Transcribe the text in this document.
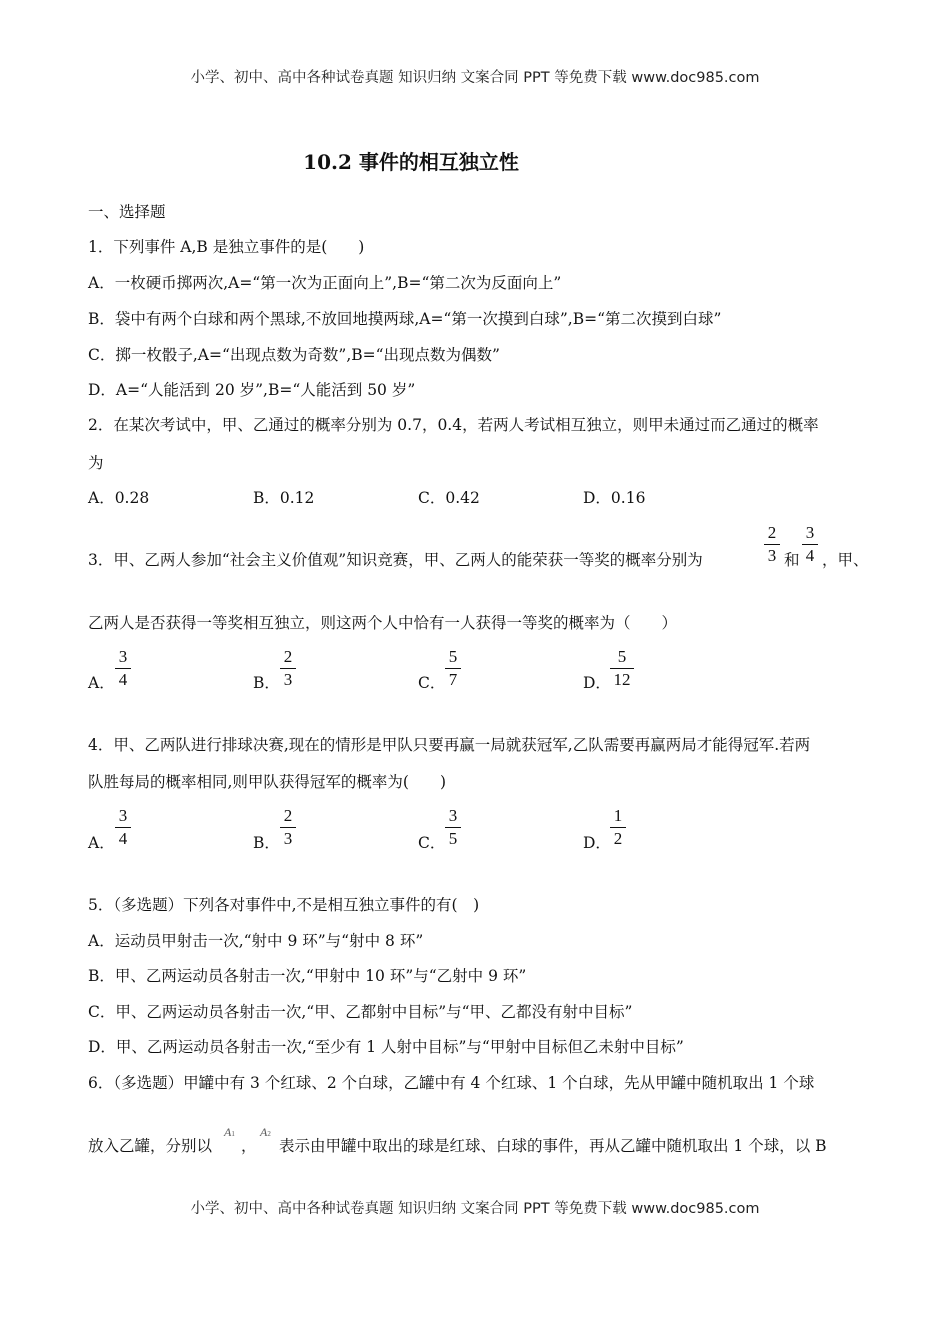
小学、初中、高中各种试卷真题 知识归纳 文案合同 PPT 等免费下载 www.doc985.com
10.2 事件的相互独立性
一、选择题
1．下列事件 A,B 是独立事件的是(　　)
A．一枚硬币掷两次,A=“第一次为正面向上”,B=“第二次为反面向上”
B．袋中有两个白球和两个黑球,不放回地摸两球,A=“第一次摸到白球”,B=“第二次摸到白球”
C．掷一枚骰子,A=“出现点数为奇数”,B=“出现点数为偶数”
D．A=“人能活到 20 岁”,B=“人能活到 50 岁”
2．在某次考试中，甲、乙通过的概率分别为 0.7，0.4，若两人考试相互独立，则甲未通过而乙通过的概率
为
A．0.28	B．0.12	C．0.42	D．0.16
3．甲、乙两人参加“社会主义价值观”知识竞赛，甲、乙两人的能荣获一等奖的概率分别为
2
3 和
3
4 ，甲、
乙两人是否获得一等奖相互独立，则这两个人中恰有一人获得一等奖的概率为（　　）
A．
3
4	B．
2
3	C．
5
7	D．
5
12
4．甲、乙两队进行排球决赛,现在的情形是甲队只要再赢一局就获冠军,乙队需要再赢两局才能得冠军.若两
队胜每局的概率相同,则甲队获得冠军的概率为(　　)
A．
3
4	B．
2
3	C．
3
5	D．
1
2
5．（多选题）下列各对事件中,不是相互独立事件的有(　)
A．运动员甲射击一次,“射中 9 环”与“射中 8 环”
B．甲、乙两运动员各射击一次,“甲射中 10 环”与“乙射中 9 环”
C．甲、乙两运动员各射击一次,“甲、乙都射中目标”与“甲、乙都没有射中目标”
D．甲、乙两运动员各射击一次,“至少有 1 人射中目标”与“甲射中目标但乙未射中目标”
6．（多选题）甲罐中有 3 个红球、2 个白球，乙罐中有 4 个红球、1 个白球，先从甲罐中随机取出 1 个球
放入乙罐，分别以
A1
，
A2
表示由甲罐中取出的球是红球、白球的事件，再从乙罐中随机取出 1 个球，以 B
小学、初中、高中各种试卷真题 知识归纳 文案合同 PPT 等免费下载 www.doc985.com
